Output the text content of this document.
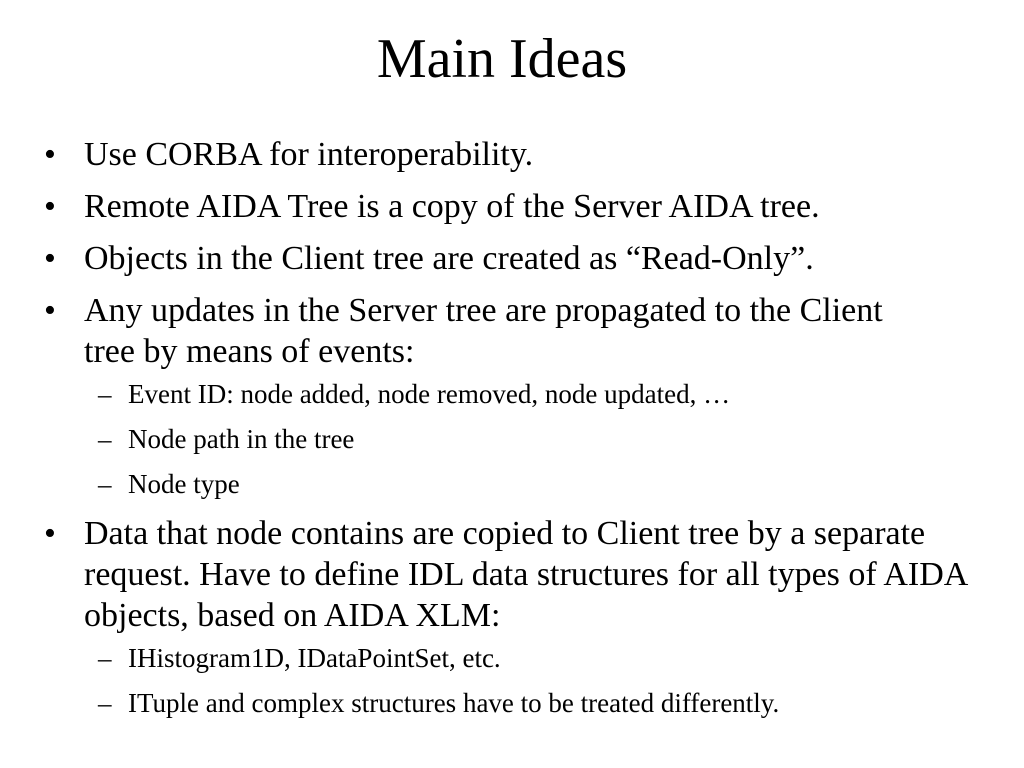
Main Ideas
• Use CORBA for interoperability.
• Remote AIDA Tree is a copy of the Server AIDA tree.
• Objects in the Client tree are created as “Read-Only”.
• Any updates in the Server tree are propagated to the Client tree by means of events:
– Event ID: node added, node removed, node updated, …
– Node path in the tree
– Node type
• Data that node contains are copied to Client tree by a separate request. Have to define IDL data structures for all types of AIDA objects, based on AIDA XLM:
– IHistogram1D, IDataPointSet, etc.
– ITuple and complex structures have to be treated differently.
